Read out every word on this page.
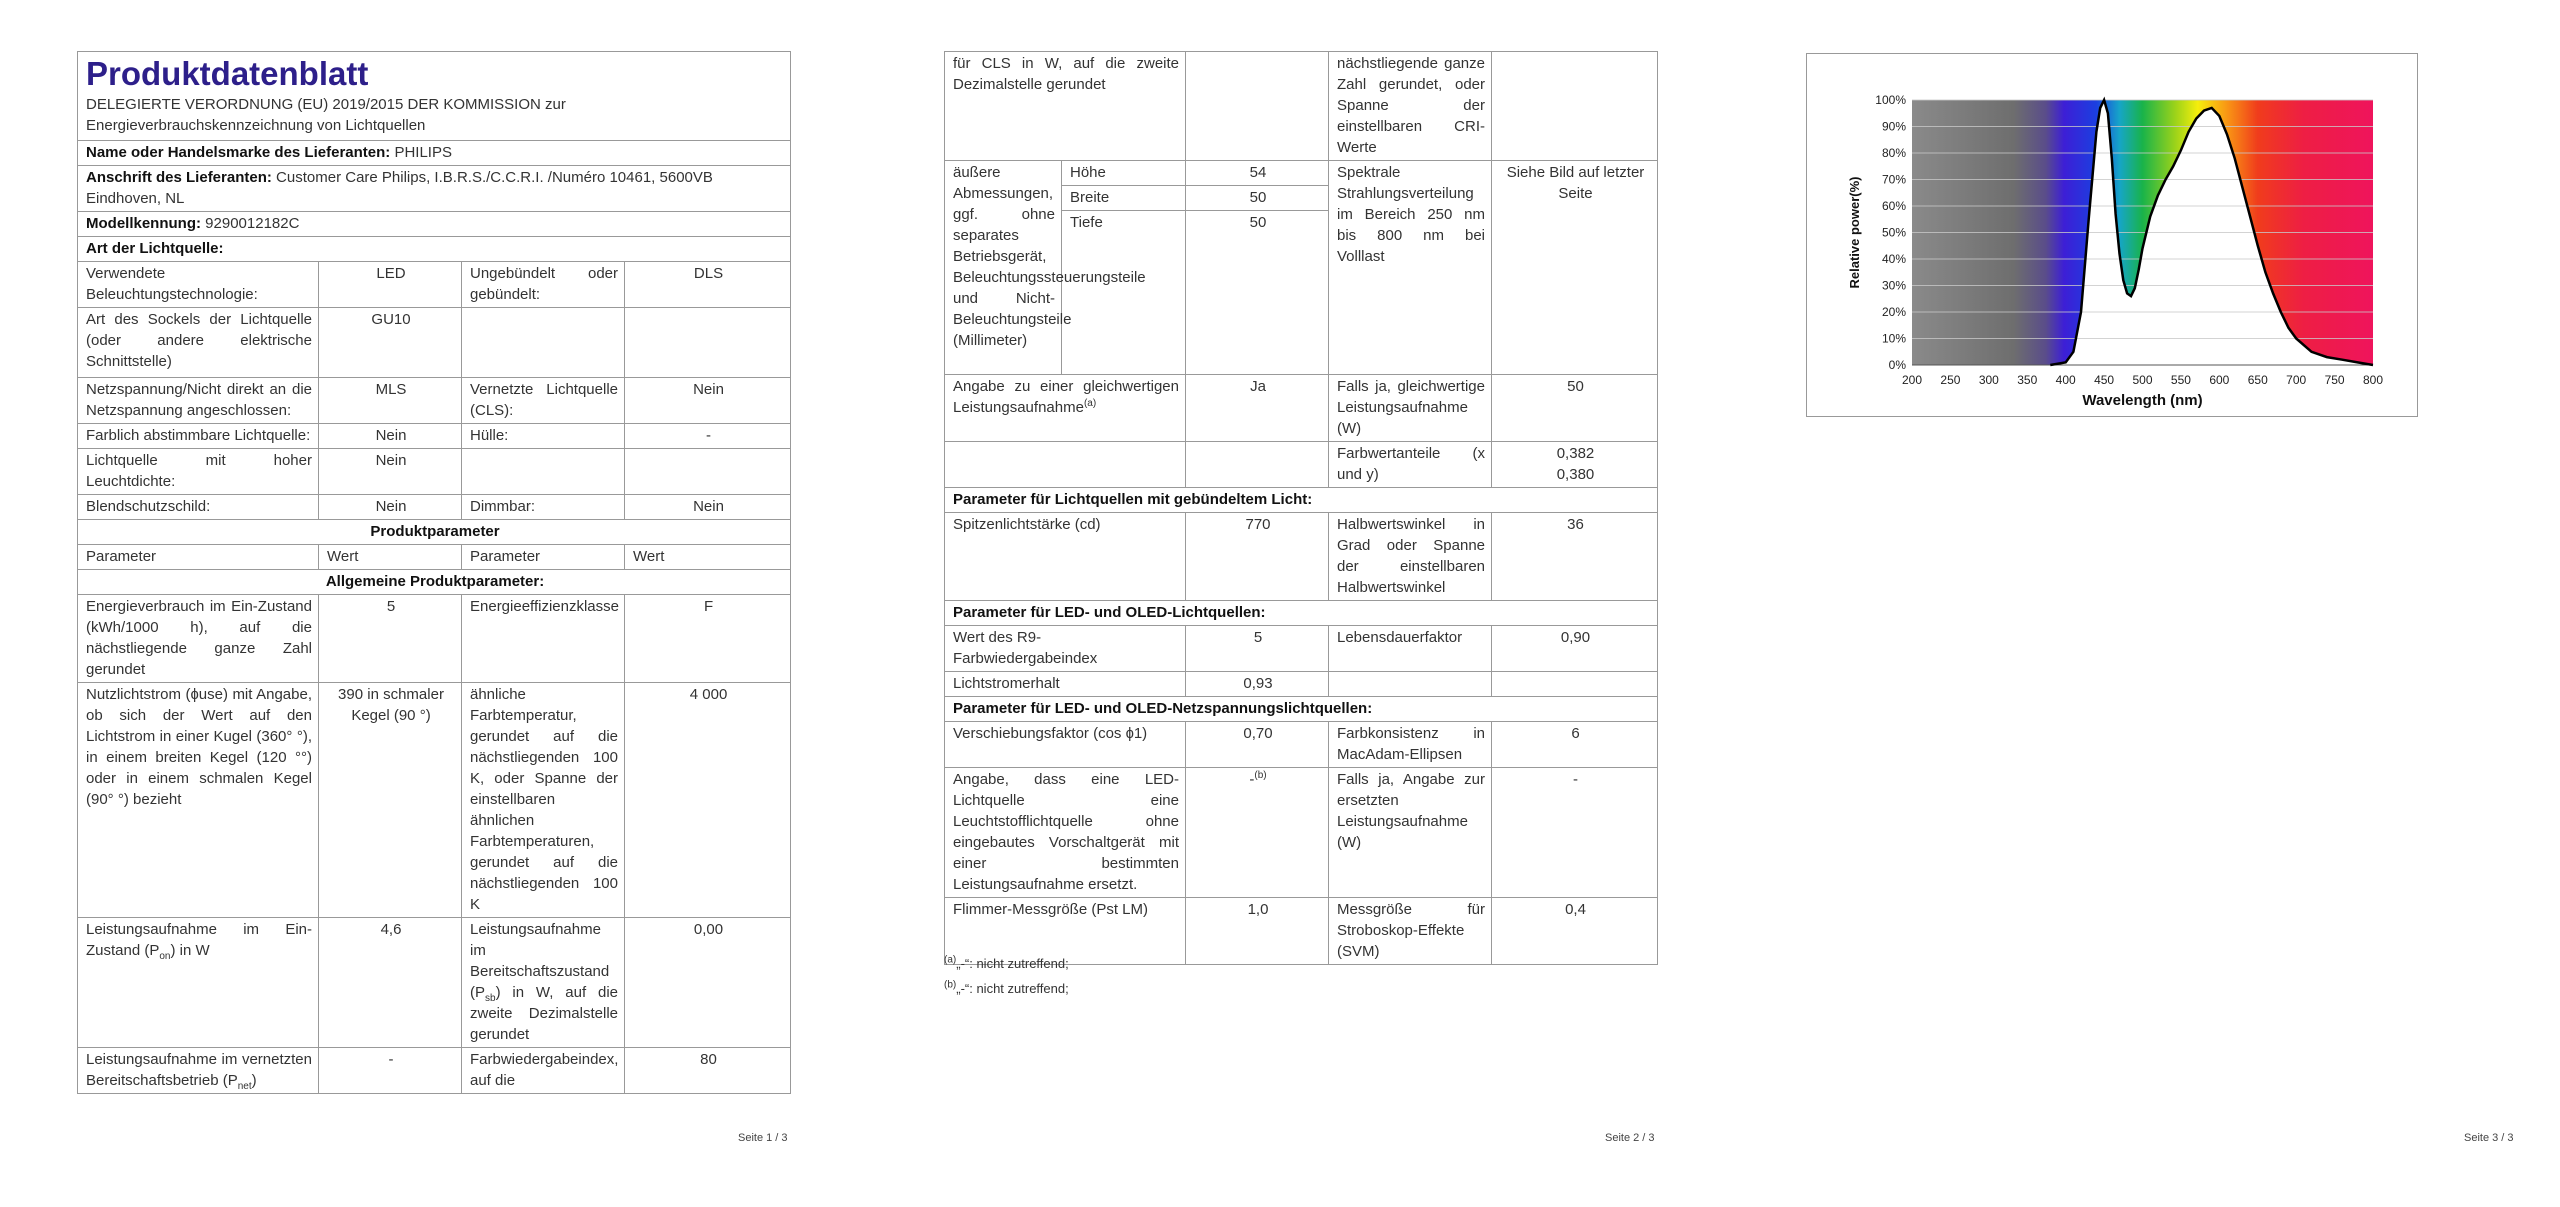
Produktdatenblatt
DELEGIERTE VERORDNUNG (EU) 2019/2015 DER KOMMISSION zur Energieverbrauchskennzeichnung von Lichtquellen			

Name oder Handelsmarke des Lieferanten: PHILIPS			
Anschrift des Lieferanten: Customer Care Philips, I.B.R.S./C.C.R.I. /Numéro 10461, 5600VB Eindhoven, NL			
Modellkennung: 9290012182C			
Art der Lichtquelle:			
Verwendete Beleuchtungstechnologie:	LED	Ungebündelt oder gebündelt:	DLS
Art des Sockels der Lichtquelle (oder andere elektrische Schnittstelle)	GU10		
Netzspannung/Nicht direkt an die Netzspannung angeschlossen:	MLS	Vernetzte Lichtquelle (CLS):	Nein
Farblich abstimmbare Lichtquelle:	Nein	Hülle:	-
Lichtquelle mit hoher Leuchtdichte:	Nein		
Blendschutzschild:	Nein	Dimmbar:	Nein
Produktparameter			
Parameter	Wert	Parameter	Wert
Allgemeine Produktparameter:			
Energieverbrauch im Ein-Zustand (kWh/1000 h), auf die nächstliegende ganze Zahl gerundet	5	Energieeffizienzklasse	F
Nutzlichtstrom (ɸuse) mit Angabe, ob sich der Wert auf den Lichtstrom in einer Kugel (360° °), in einem breiten Kegel (120 °°) oder in einem schmalen Kegel (90° °) bezieht	390 in schmaler Kegel (90 °)	ähnliche Farbtemperatur, gerundet auf die nächstliegenden 100 K, oder Spanne der einstellbaren ähnlichen Farbtemperaturen, gerundet auf die nächstliegenden 100 K	4 000
Leistungsaufnahme im Ein-Zustand $(P_{on})$ in W	4,6	Leistungsaufnahme im Bereitschaftszustand $(P_{sb})$ in W, auf die zweite Dezimalstelle gerundet	0,00
Leistungsaufnahme im vernetzten Bereitschaftsbetrieb $(P_{net})$	-	Farbwiedergabeindex, auf die	80
Seite 1 / 3
für CLS in W, auf die zweite Dezimalstelle gerundet			nächstliegende ganze Zahl gerundet, oder Spanne der einstellbaren CRI-Werte	
äußere Abmessungen, ggf. ohne separates Betriebsgerät, Beleuchtungssteuerungsteile und Nicht-Beleuchtungsteile (Millimeter)	Höhe	54	Spektrale Strahlungsverteilung im Bereich 250 nm bis 800 nm bei Volllast	Siehe Bild auf letzter Seite
	Breite	50		
	Tiefe	50		
Angabe zu einer gleichwertigen Leistungsaufnahme$^{(a)}$		Ja	Falls ja, gleichwertige Leistungsaufnahme (W)	50
			Farbwertanteile (x und y)	0,382
0,380
Parameter für Lichtquellen mit gebündeltem Licht:				
Spitzenlichtstärke (cd)		770	Halbwertswinkel in Grad oder Spanne der einstellbaren Halbwertswinkel	36
Parameter für LED- und OLED-Lichtquellen:				
Wert des R9-Farbwiedergabeindex		5	Lebensdauerfaktor	0,90
Lichtstromerhalt		0,93		
Parameter für LED- und OLED-Netzspannungslichtquellen:				
Verschiebungsfaktor (cos ɸ1)		0,70	Farbkonsistenz in MacAdam-Ellipsen	6
Angabe, dass eine LED-Lichtquelle eine Leuchtstofflichtquelle ohne eingebautes Vorschaltgerät mit einer bestimmten Leistungsaufnahme ersetzt.		-$^{(b)}$	Falls ja, Angabe zur ersetzten Leistungsaufnahme (W)	-
Flimmer-Messgröße (Pst LM)		1,0	Messgröße für Stroboskop-Effekte (SVM)	0,4
$^{(a)}$„-“: nicht zutreffend;
$^{(b)}$„-“: nicht zutreffend;
Seite 2 / 3	Seite 3 / 3
0%
10%
20%
30%
40%
50%
60%
70%
80%
90%
100%
200 250 300 350 400 450 500 550 600 650 700 750 800
Wavelength (nm)
Relative power(%)
